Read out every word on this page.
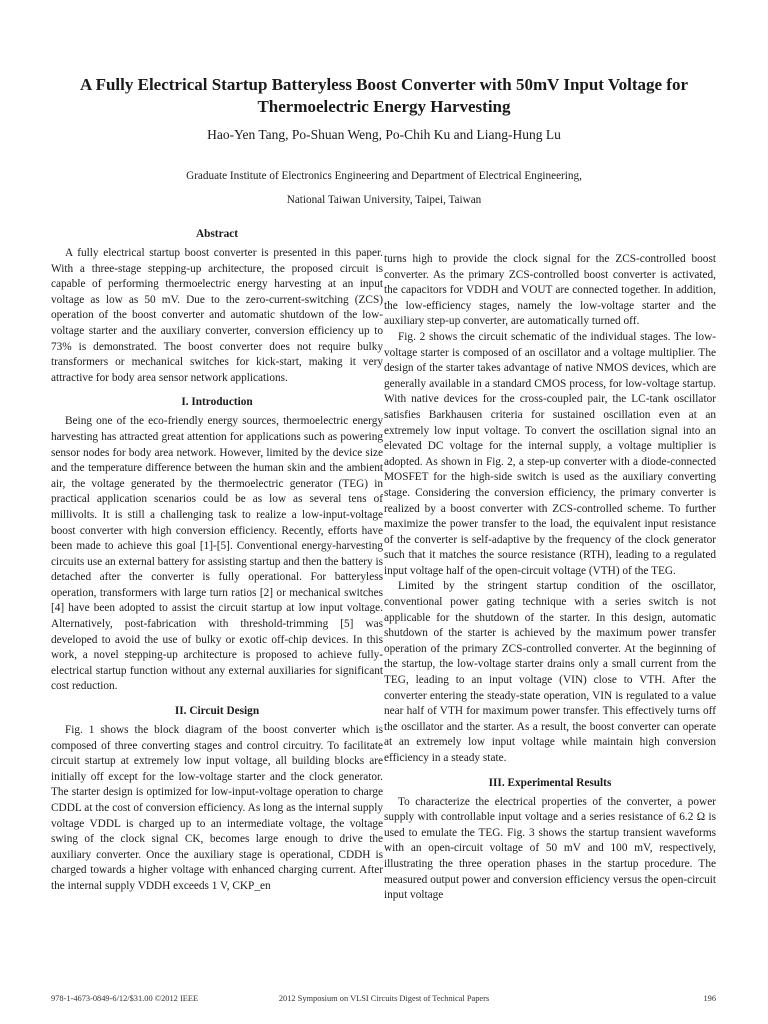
A Fully Electrical Startup Batteryless Boost Converter with 50mV Input Voltage for
Thermoelectric Energy Harvesting
Hao-Yen Tang, Po-Shuan Weng, Po-Chih Ku and Liang-Hung Lu
Graduate Institute of Electronics Engineering and Department of Electrical Engineering,
National Taiwan University, Taipei, Taiwan
Abstract

A fully electrical startup boost converter is presented in this paper. With a three-stage stepping-up architecture, the proposed circuit is capable of performing thermoelectric energy harvesting at an input voltage as low as 50 mV. Due to the zero-current-switching (ZCS) operation of the boost converter and automatic shutdown of the low-voltage starter and the auxiliary converter, conversion efficiency up to 73% is demonstrated. The boost converter does not require bulky transformers or mechanical switches for kick-start, making it very attractive for body area sensor network applications.

I. Introduction

Being one of the eco-friendly energy sources, thermoelectric energy harvesting has attracted great attention for applications such as powering sensor nodes for body area network. However, limited by the device size and the temperature difference between the human skin and the ambient air, the voltage generated by the thermoelectric generator (TEG) in practical application scenarios could be as low as several tens of millivolts. It is still a challenging task to realize a low-input-voltage boost converter with high conversion efficiency. Recently, efforts have been made to achieve this goal [1]-[5]. Conventional energy-harvesting circuits use an external battery for assisting startup and then the battery is detached after the converter is fully operational. For batteryless operation, transformers with large turn ratios [2] or mechanical switches [4] have been adopted to assist the circuit startup at low input voltage. Alternatively, post-fabrication with threshold-trimming [5] was developed to avoid the use of bulky or exotic off-chip devices. In this work, a novel stepping-up architecture is proposed to achieve fully-electrical startup function without any external auxiliaries for significant cost reduction.

II. Circuit Design

Fig. 1 shows the block diagram of the boost converter which is composed of three converting stages and control circuitry. To facilitate circuit startup at extremely low input voltage, all building blocks are initially off except for the low-voltage starter and the clock generator. The starter design is optimized for low-input-voltage operation to charge CDDL at the cost of conversion efficiency. As long as the internal supply voltage VDDL is charged up to an intermediate voltage, the voltage swing of the clock signal CK, becomes large enough to drive the auxiliary converter. Once the auxiliary stage is operational, CDDH is charged towards a higher voltage with enhanced charging current. After the internal supply VDDH exceeds 1 V, CKP_en

turns high to provide the clock signal for the ZCS-controlled boost converter. As the primary ZCS-controlled boost converter is activated, the capacitors for VDDH and VOUT are connected together. In addition, the low-efficiency stages, namely the low-voltage starter and the auxiliary step-up converter, are automatically turned off.

Fig. 2 shows the circuit schematic of the individual stages. The low-voltage starter is composed of an oscillator and a voltage multiplier. The design of the starter takes advantage of native NMOS devices, which are generally available in a standard CMOS process, for low-voltage startup. With native devices for the cross-coupled pair, the LC-tank oscillator satisfies Barkhausen criteria for sustained oscillation even at an extremely low input voltage. To convert the oscillation signal into an elevated DC voltage for the internal supply, a voltage multiplier is adopted. As shown in Fig. 2, a step-up converter with a diode-connected MOSFET for the high-side switch is used as the auxiliary converting stage. Considering the conversion efficiency, the primary converter is realized by a boost converter with ZCS-controlled scheme. To further maximize the power transfer to the load, the equivalent input resistance of the converter is self-adaptive by the frequency of the clock generator such that it matches the source resistance (RTH), leading to a regulated input voltage half of the open-circuit voltage (VTH) of the TEG.

Limited by the stringent startup condition of the oscillator, conventional power gating technique with a series switch is not applicable for the shutdown of the starter. In this design, automatic shutdown of the starter is achieved by the maximum power transfer operation of the primary ZCS-controlled converter. At the beginning of the startup, the low-voltage starter drains only a small current from the TEG, leading to an input voltage (VIN) close to VTH. After the converter entering the steady-state operation, VIN is regulated to a value near half of VTH for maximum power transfer. This effectively turns off the oscillator and the starter. As a result, the boost converter can operate at an extremely low input voltage while maintain high conversion efficiency in a steady state.

III. Experimental Results

To characterize the electrical properties of the converter, a power supply with controllable input voltage and a series resistance of 6.2 Ω is used to emulate the TEG. Fig. 3 shows the startup transient waveforms with an open-circuit voltage of 50 mV and 100 mV, respectively, illustrating the three operation phases in the startup procedure. The measured output power and conversion efficiency versus the open-circuit input voltage

978-1-4673-0849-6/12/$31.00 ©2012 IEEE	2012 Symposium on VLSI Circuits Digest of Technical Papers	196
